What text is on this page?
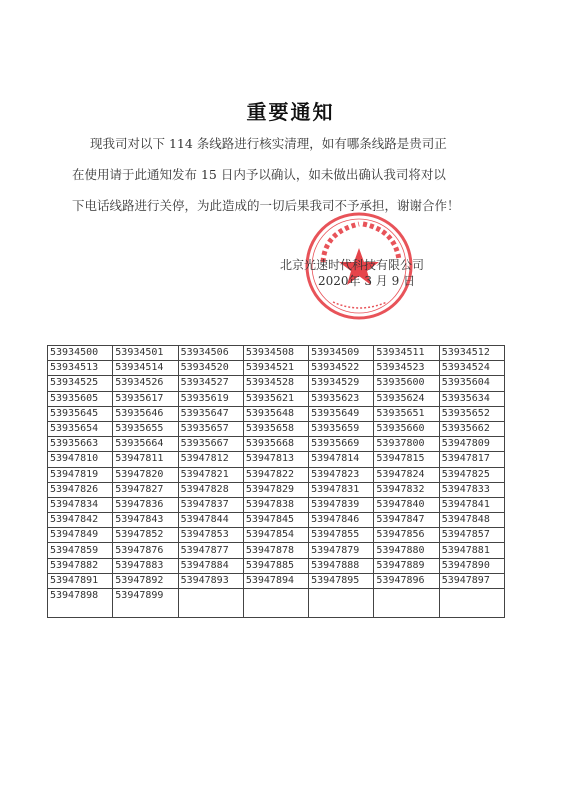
重要通知
现我司对以下 114 条线路进行核实清理，如有哪条线路是贵司正
在使用请于此通知发布 15 日内予以确认，如未做出确认我司将对以
下电话线路进行关停，为此造成的一切后果我司不予承担，谢谢合作！
北京光速时代科技有限公司
2020年 3 月 9 日
53934500	53934501	53934506	53934508	53934509	53934511	53934512
53934513	53934514	53934520	53934521	53934522	53934523	53934524
53934525	53934526	53934527	53934528	53934529	53935600	53935604
53935605	53935617	53935619	53935621	53935623	53935624	53935634
53935645	53935646	53935647	53935648	53935649	53935651	53935652
53935654	53935655	53935657	53935658	53935659	53935660	53935662
53935663	53935664	53935667	53935668	53935669	53937800	53947809
53947810	53947811	53947812	53947813	53947814	53947815	53947817
53947819	53947820	53947821	53947822	53947823	53947824	53947825
53947826	53947827	53947828	53947829	53947831	53947832	53947833
53947834	53947836	53947837	53947838	53947839	53947840	53947841
53947842	53947843	53947844	53947845	53947846	53947847	53947848
53947849	53947852	53947853	53947854	53947855	53947856	53947857
53947859	53947876	53947877	53947878	53947879	53947880	53947881
53947882	53947883	53947884	53947885	53947888	53947889	53947890
53947891	53947892	53947893	53947894	53947895	53947896	53947897
53947898	53947899					
